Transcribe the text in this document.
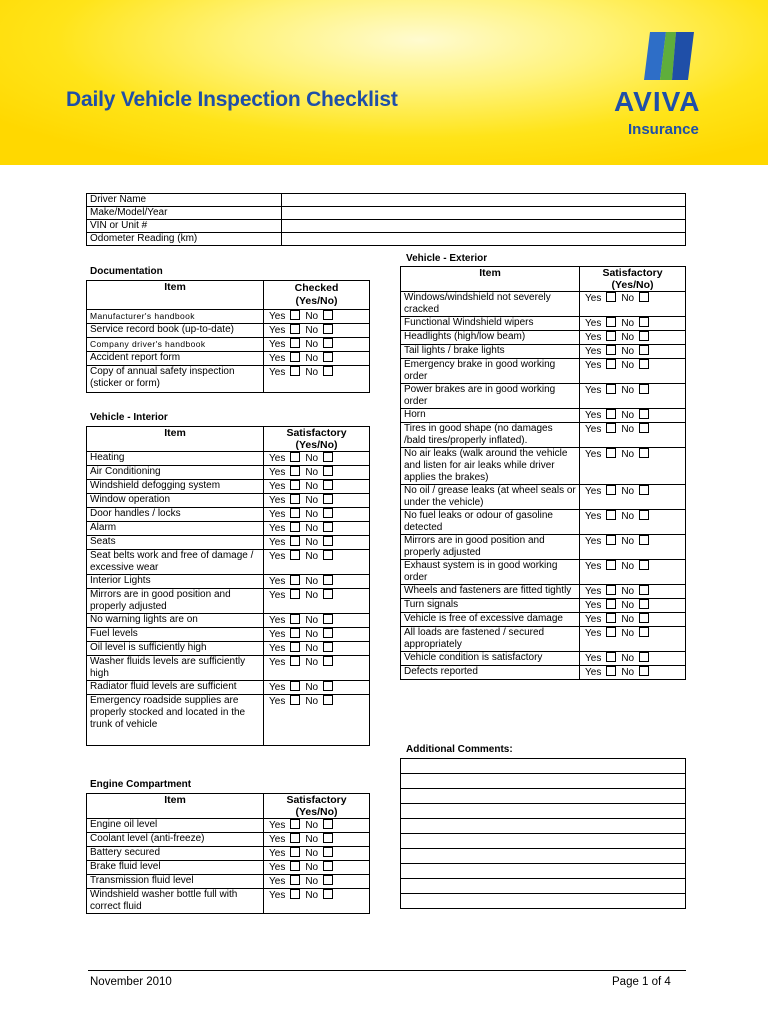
Daily Vehicle Inspection Checklist	AVIVA
Insurance
Driver Name	
Make/Model/Year	
VIN or Unit #	
Odometer Reading (km)	
Documentation
Item	Checked
(Yes/No)
Manufacturer's handbook	Yes No
Service record book (up-to-date)	Yes No
Company driver's handbook	Yes No
Accident report form	Yes No
Copy of annual safety inspection (sticker or form)	Yes No
Vehicle - Interior
Item	Satisfactory
(Yes/No)
Heating	Yes No
Air Conditioning	Yes No
Windshield defogging system	Yes No
Window operation	Yes No
Door handles / locks	Yes No
Alarm	Yes No
Seats	Yes No
Seat belts work and free of damage / excessive wear	Yes No
Interior Lights	Yes No
Mirrors are in good position and properly adjusted	Yes No
No warning lights are on	Yes No
Fuel levels	Yes No
Oil level is sufficiently high	Yes No
Washer fluids levels are sufficiently high	Yes No
Radiator fluid levels are sufficient	Yes No
Emergency roadside supplies are properly stocked and located in the trunk of vehicle	Yes No
Engine Compartment
Item	Satisfactory
(Yes/No)
Engine oil level	Yes No
Coolant level (anti-freeze)	Yes No
Battery secured	Yes No
Brake fluid level	Yes No
Transmission fluid level	Yes No
Windshield washer bottle full with correct fluid	Yes No
Vehicle - Exterior
Item	Satisfactory
(Yes/No)
Windows/windshield not severely cracked	Yes No
Functional Windshield wipers	Yes No
Headlights (high/low beam)	Yes No
Tail lights / brake lights	Yes No
Emergency brake in good working order	Yes No
Power brakes are in good working order	Yes No
Horn	Yes No
Tires in good shape (no damages /bald tires/properly inflated).	Yes No
No air leaks (walk around the vehicle and listen for air leaks while driver applies the brakes)	Yes No
No oil / grease leaks (at wheel seals or under the vehicle)	Yes No
No fuel leaks or odour of gasoline detected	Yes No
Mirrors are in good position and properly adjusted	Yes No
Exhaust system is in good working order	Yes No
Wheels and fasteners are fitted tightly	Yes No
Turn signals	Yes No
Vehicle is free of excessive damage	Yes No
All loads are fastened / secured appropriately	Yes No
Vehicle condition is satisfactory	Yes No
Defects reported	Yes No
Additional Comments:

November 2010	Page 1 of 4
